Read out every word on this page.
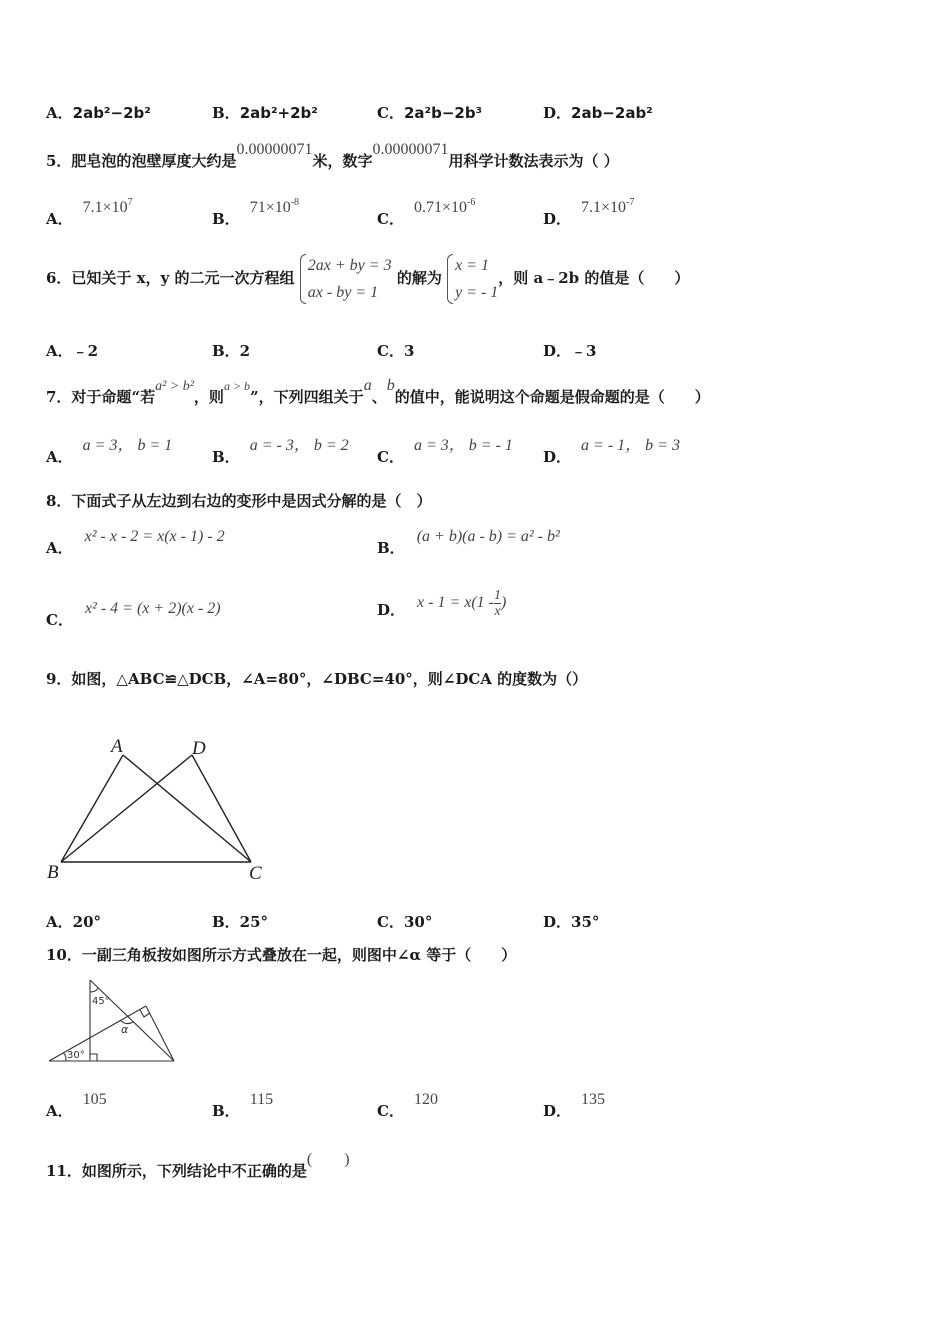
A．2ab²−2b²	B．2ab²+2b²	C．2a²b−2b³	D．2ab−2ab²
5．肥皂泡的泡壁厚度大约是0.00000071米，数字0.00000071用科学计数法表示为（ ）
A．$7.1\times 10^7$
B．$71\times 10^{-8}$
C．$0.71\times 10^{-6}$
D．$7.1\times 10^{-7}$
6．已知关于 x，y 的二元一次方程组
2ax + by = 3
ax - by = 1
的解为
x = 1
y = - 1
，则 a﹣2b 的值是（　　）
A．﹣2	B．2	C．3	D．﹣3
7．对于命题“若a² > b²，则$^{a > b}$”，下列四组关于a、b的值中，能说明这个命题是假命题的是（　　）
A．a = 3， b = 1
B．a = - 3， b = 2
C．a = 3， b = - 1
D．a = - 1， b = 3
8．下面式子从左边到右边的变形中是因式分解的是（　）
A．x² - x - 2 = x(x - 1) - 2
B．(a + b)(a - b) = a² - b²
C．x² - 4 = (x + 2)(x - 2)	D． $x - 1 = x(1 - \frac{1}{x}$ )
9．如图，△ABC≌△DCB，∠A=80°，∠DBC=40°，则∠DCA 的度数为（）
A	D
B	C
A．20°	B．25°	C．30°	D．35°
10．一副三角板按如图所示方式叠放在一起，则图中∠α 等于（　　）
45°
30°
α
A．105
B．115
C．120
D．135
11．如图所示，下列结论中不正确的是(　　)
